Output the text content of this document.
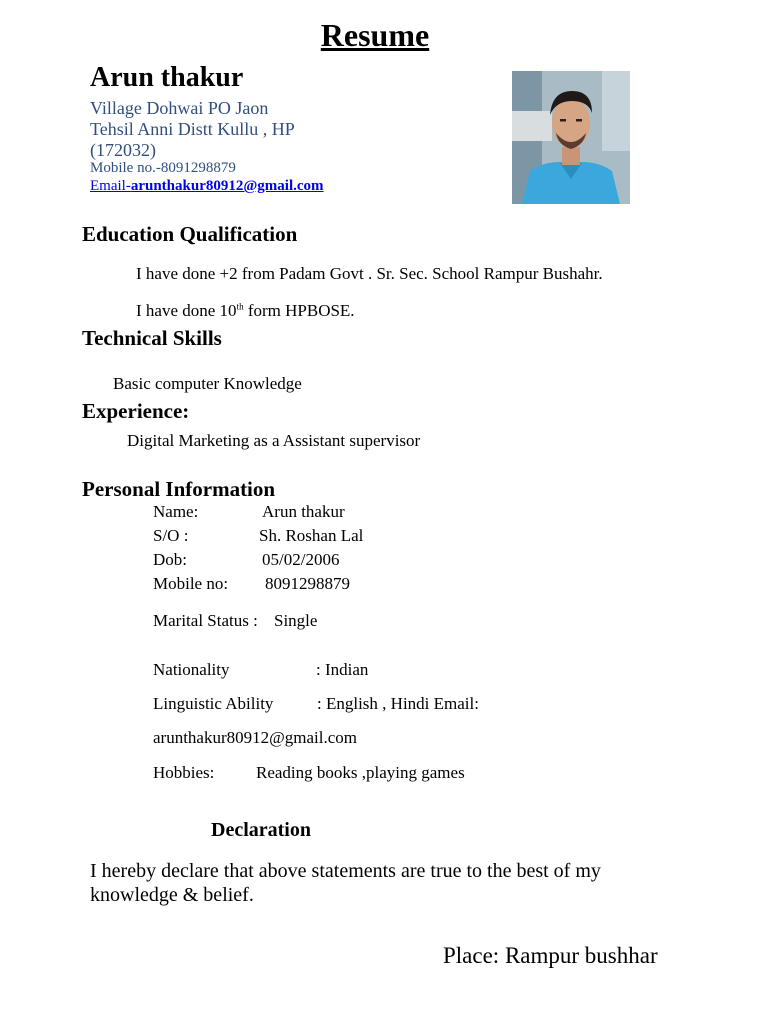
Resume
Arun thakur
Village Dohwai PO Jaon
Tehsil Anni Distt Kullu , HP
(172032)
Mobile no.-8091298879
Email-arunthakur80912@gmail.com
Education Qualification
I have done +2 from Padam Govt . Sr. Sec. School Rampur Bushahr.
I have done 10th form HPBOSE.
Technical Skills
Basic computer Knowledge
Experience:
Digital Marketing as a Assistant supervisor
Personal Information
Name:	Arun thakur
S/O :	Sh. Roshan Lal
Dob:	05/02/2006
Mobile no: 8091298879
Marital Status : Single
Nationality	: Indian
Linguistic Ability	: English , Hindi Email:
arunthakur80912@gmail.com
Hobbies: Reading books ,playing games
Declaration
I hereby declare that above statements are true to the best of my
knowledge & belief.
Place: Rampur bushhar
